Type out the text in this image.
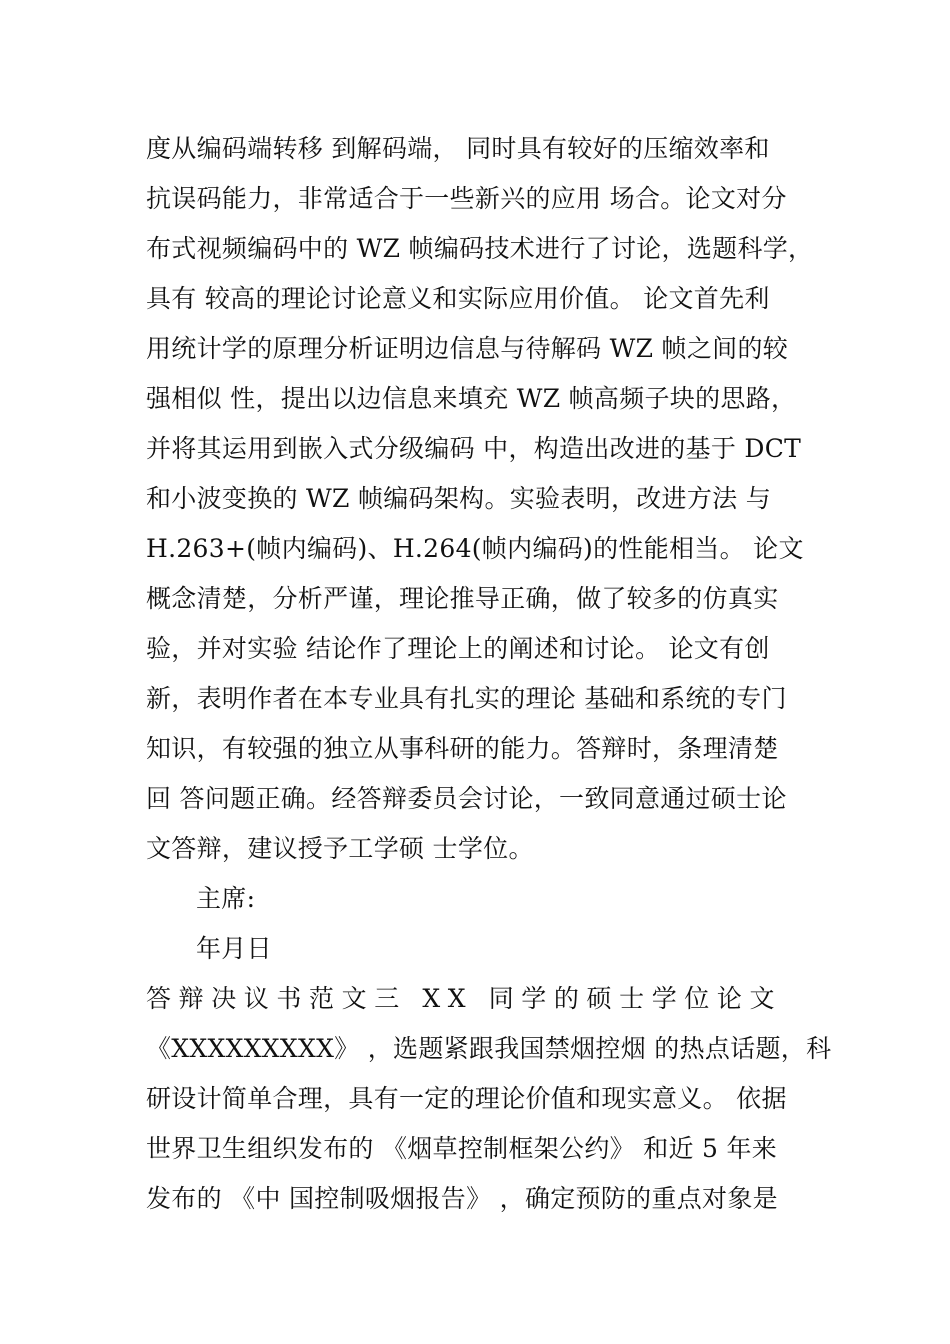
度从编码端转移 到解码端， 同时具有较好的压缩效率和
抗误码能力，非常适合于一些新兴的应用 场合。论文对分
布式视频编码中的 WZ 帧编码技术进行了讨论，选题科学，
具有 较高的理论讨论意义和实际应用价值。 论文首先利
用统计学的原理分析证明边信息与待解码 WZ 帧之间的较
强相似 性，提出以边信息来填充 WZ 帧高频子块的思路，
并将其运用到嵌入式分级编码 中，构造出改进的基于 DCT
和小波变换的 WZ 帧编码架构。实验表明，改进方法 与
H.263+(帧内编码)、H.264(帧内编码)的性能相当。 论文
概念清楚，分析严谨，理论推导正确，做了较多的仿真实
验，并对实验 结论作了理论上的阐述和讨论。 论文有创
新，表明作者在本专业具有扎实的理论 基础和系统的专门
知识，有较强的独立从事科研的能力。答辩时，条理清楚
回 答问题正确。经答辩委员会讨论，一致同意通过硕士论
文答辩，建议授予工学硕 士学位。
主席:
年月日
答辩决议书范文三 XX 同学的硕士学位论文
《XXXXXXXXX》 ，选题紧跟我国禁烟控烟 的热点话题，科
研设计简单合理，具有一定的理论价值和现实意义。 依据
世界卫生组织发布的 《烟草控制框架公约》 和近 5 年来
发布的 《中 国控制吸烟报告》 ，确定预防的重点对象是
